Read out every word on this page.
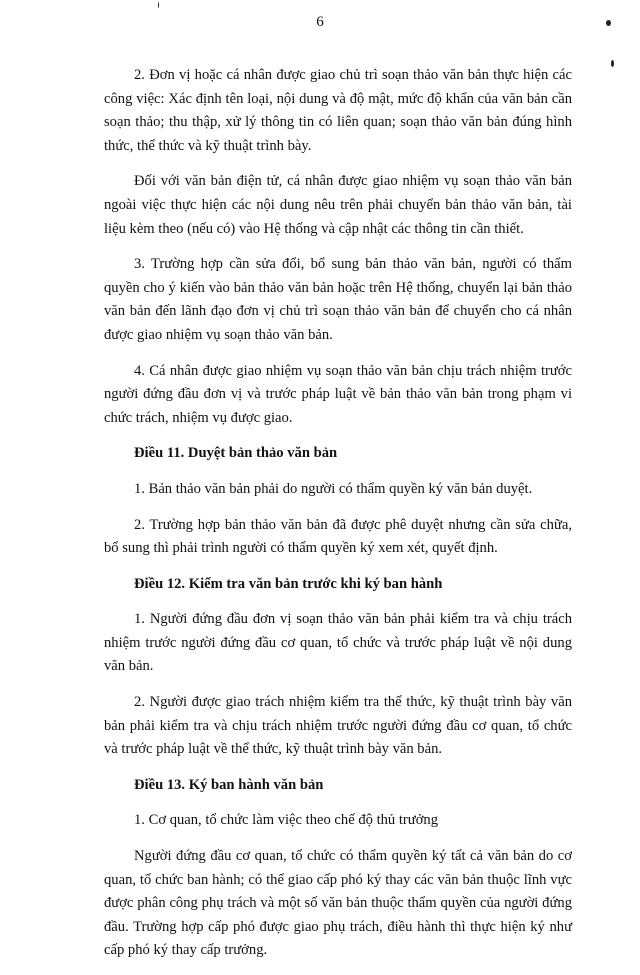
6

2. Đơn vị hoặc cá nhân được giao chủ trì soạn thảo văn bản thực hiện các công việc: Xác định tên loại, nội dung và độ mật, mức độ khẩn của văn bản cần soạn thảo; thu thập, xử lý thông tin có liên quan; soạn thảo văn bản đúng hình thức, thể thức và kỹ thuật trình bày.

Đối với văn bản điện tử, cá nhân được giao nhiệm vụ soạn thảo văn bản ngoài việc thực hiện các nội dung nêu trên phải chuyển bản thảo văn bản, tài liệu kèm theo (nếu có) vào Hệ thống và cập nhật các thông tin cần thiết.

3. Trường hợp cần sửa đổi, bổ sung bản thảo văn bản, người có thẩm quyền cho ý kiến vào bản thảo văn bản hoặc trên Hệ thống, chuyển lại bản thảo văn bản đến lãnh đạo đơn vị chủ trì soạn thảo văn bản để chuyển cho cá nhân được giao nhiệm vụ soạn thảo văn bản.

4. Cá nhân được giao nhiệm vụ soạn thảo văn bản chịu trách nhiệm trước người đứng đầu đơn vị và trước pháp luật về bản thảo văn bản trong phạm vi chức trách, nhiệm vụ được giao.

Điều 11. Duyệt bản thảo văn bản

1. Bản thảo văn bản phải do người có thẩm quyền ký văn bản duyệt.

2. Trường hợp bản thảo văn bản đã được phê duyệt nhưng cần sửa chữa, bổ sung thì phải trình người có thẩm quyền ký xem xét, quyết định.

Điều 12. Kiểm tra văn bản trước khi ký ban hành

1. Người đứng đầu đơn vị soạn thảo văn bản phải kiểm tra và chịu trách nhiệm trước người đứng đầu cơ quan, tổ chức và trước pháp luật về nội dung văn bản.

2. Người được giao trách nhiệm kiểm tra thể thức, kỹ thuật trình bày văn bản phải kiểm tra và chịu trách nhiệm trước người đứng đầu cơ quan, tổ chức và trước pháp luật về thể thức, kỹ thuật trình bày văn bản.

Điều 13. Ký ban hành văn bản

1. Cơ quan, tổ chức làm việc theo chế độ thủ trưởng

Người đứng đầu cơ quan, tổ chức có thẩm quyền ký tất cả văn bản do cơ quan, tổ chức ban hành; có thể giao cấp phó ký thay các văn bản thuộc lĩnh vực được phân công phụ trách và một số văn bản thuộc thẩm quyền của người đứng đầu. Trường hợp cấp phó được giao phụ trách, điều hành thì thực hiện ký như cấp phó ký thay cấp trưởng.
